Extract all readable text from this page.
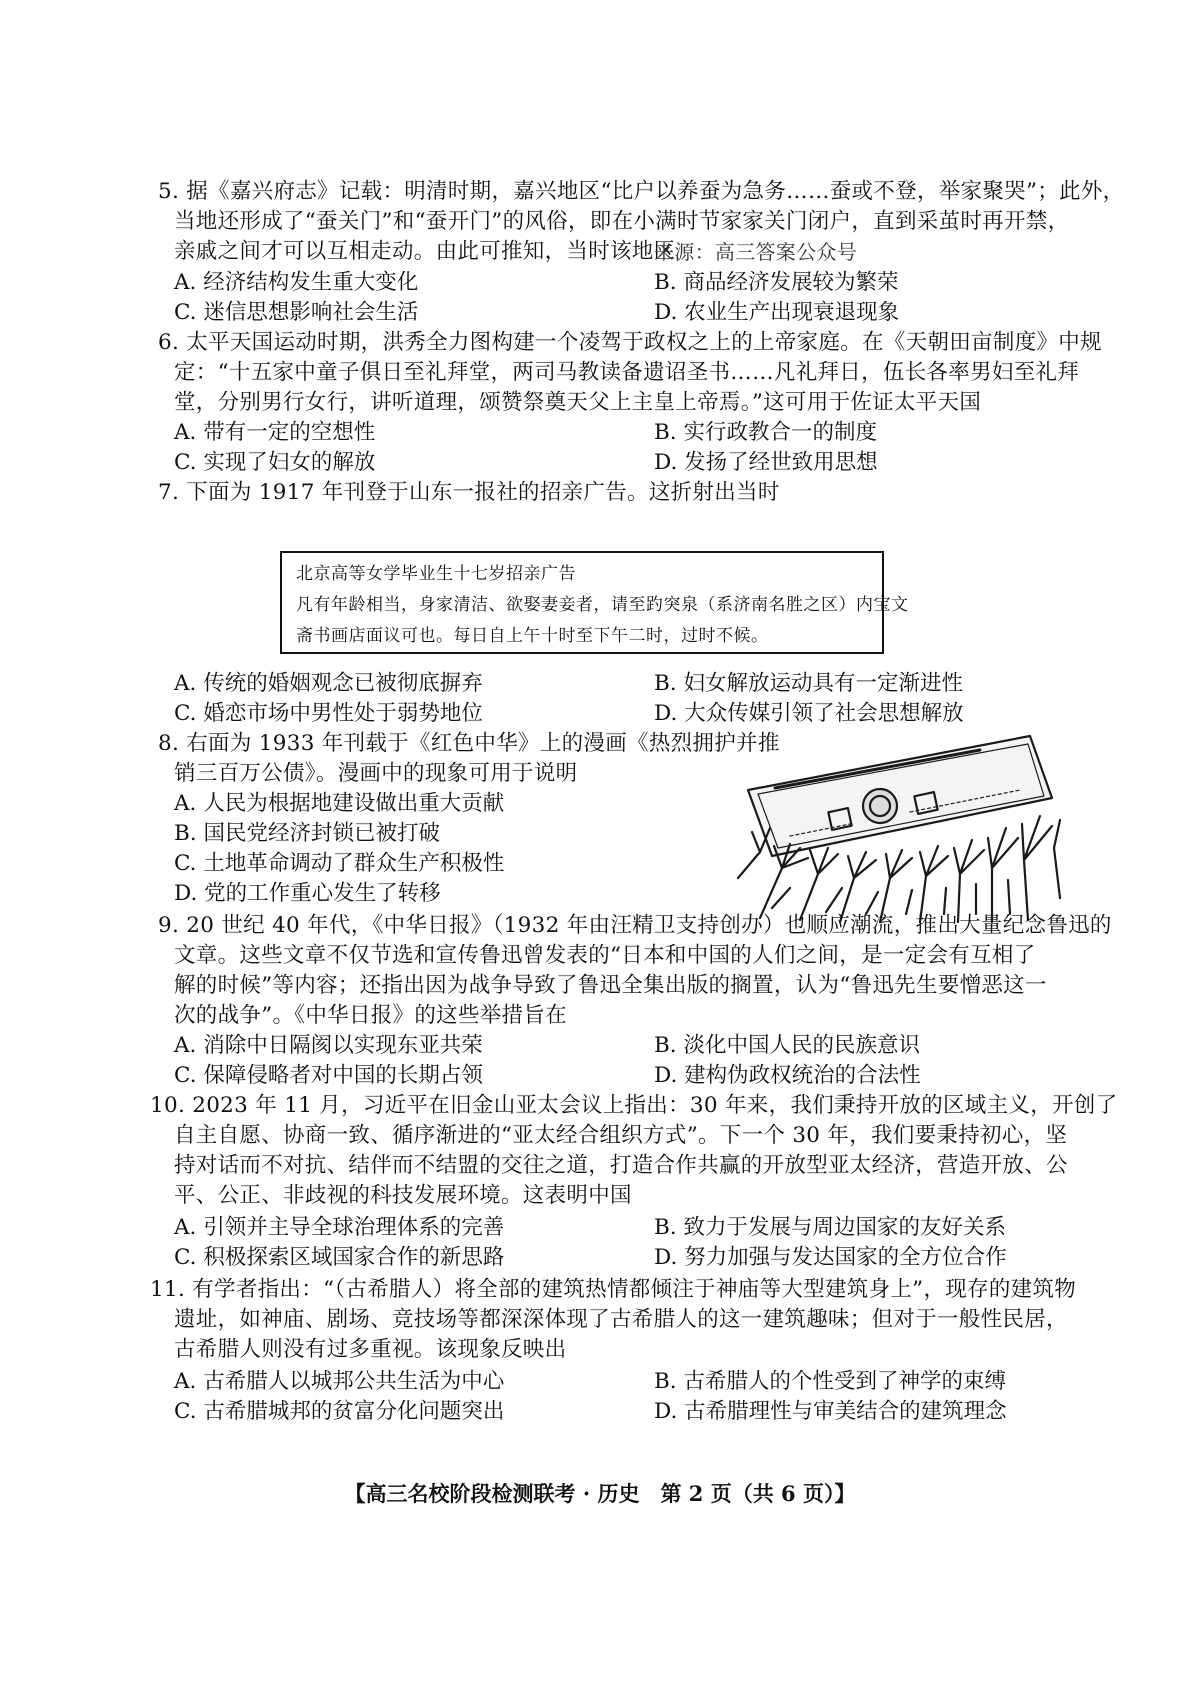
5. 据《嘉兴府志》记载：明清时期，嘉兴地区“比户以养蚕为急务……蚕或不登，举家聚哭”；此外，
当地还形成了“蚕关门”和“蚕开门”的风俗，即在小满时节家家关门闭户，直到采茧时再开禁，
亲戚之间才可以互相走动。由此可推知，当时该地区
来源：高三答案公众号
A. 经济结构发生重大变化	B. 商品经济发展较为繁荣
C. 迷信思想影响社会生活	D. 农业生产出现衰退现象
6. 太平天国运动时期，洪秀全力图构建一个凌驾于政权之上的上帝家庭。在《天朝田亩制度》中规
定：“十五家中童子俱日至礼拜堂，两司马教读备遗诏圣书……凡礼拜日，伍长各率男妇至礼拜
堂，分别男行女行，讲听道理，颂赞祭奠天父上主皇上帝焉。”这可用于佐证太平天国
A. 带有一定的空想性	B. 实行政教合一的制度
C. 实现了妇女的解放	D. 发扬了经世致用思想
7. 下面为 1917 年刊登于山东一报社的招亲广告。这折射出当时
北京高等女学毕业生十七岁招亲广告
凡有年龄相当，身家清洁、欲娶妻妾者，请至趵突泉（系济南名胜之区）内宝文
斋书画店面议可也。每日自上午十时至下午二时，过时不候。
A. 传统的婚姻观念已被彻底摒弃	B. 妇女解放运动具有一定渐进性
C. 婚恋市场中男性处于弱势地位	D. 大众传媒引领了社会思想解放
8. 右面为 1933 年刊载于《红色中华》上的漫画《热烈拥护并推
销三百万公债》。漫画中的现象可用于说明
A. 人民为根据地建设做出重大贡献
B. 国民党经济封锁已被打破
C. 土地革命调动了群众生产积极性
D. 党的工作重心发生了转移
9. 20 世纪 40 年代，《中华日报》（1932 年由汪精卫支持创办）也顺应潮流，推出大量纪念鲁迅的
文章。这些文章不仅节选和宣传鲁迅曾发表的“日本和中国的人们之间，是一定会有互相了
解的时候”等内容；还指出因为战争导致了鲁迅全集出版的搁置，认为“鲁迅先生要憎恶这一
次的战争”。《中华日报》的这些举措旨在
A. 消除中日隔阂以实现东亚共荣	B. 淡化中国人民的民族意识
C. 保障侵略者对中国的长期占领	D. 建构伪政权统治的合法性
10. 2023 年 11 月，习近平在旧金山亚太会议上指出：30 年来，我们秉持开放的区域主义，开创了
自主自愿、协商一致、循序渐进的“亚太经合组织方式”。下一个 30 年，我们要秉持初心，坚
持对话而不对抗、结伴而不结盟的交往之道，打造合作共赢的开放型亚太经济，营造开放、公
平、公正、非歧视的科技发展环境。这表明中国
A. 引领并主导全球治理体系的完善	B. 致力于发展与周边国家的友好关系
C. 积极探索区域国家合作的新思路	D. 努力加强与发达国家的全方位合作
11. 有学者指出：“（古希腊人）将全部的建筑热情都倾注于神庙等大型建筑身上”，现存的建筑物
遗址，如神庙、剧场、竞技场等都深深体现了古希腊人的这一建筑趣味；但对于一般性民居，
古希腊人则没有过多重视。该现象反映出
A. 古希腊人以城邦公共生活为中心	B. 古希腊人的个性受到了神学的束缚
C. 古希腊城邦的贫富分化问题突出	D. 古希腊理性与审美结合的建筑理念
【高三名校阶段检测联考 · 历史　第 2 页（共 6 页）】
